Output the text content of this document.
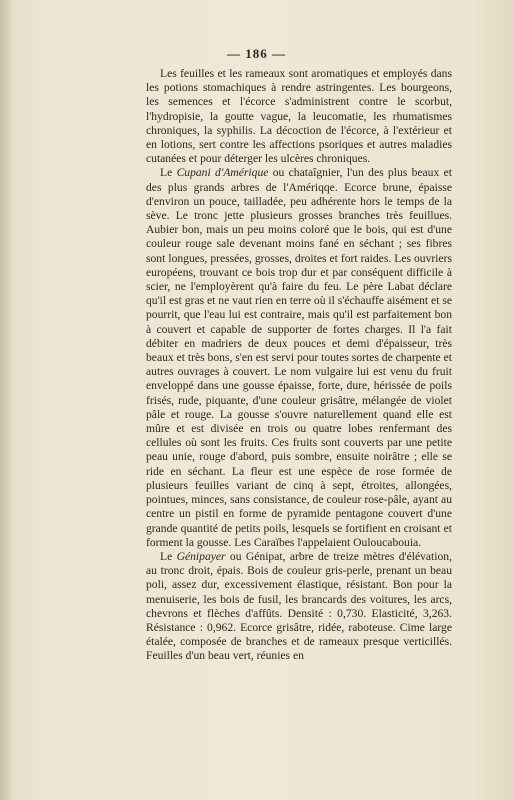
— 186 —

Les feuilles et les rameaux sont aromatiques et employés dans les potions stomachiques à rendre astringentes. Les bourgeons, les semences et l'écorce s'administrent contre le scorbut, l'hydropisie, la goutte vague, la leucomatie, les rhumatismes chroniques, la syphilis. La décoction de l'écorce, à l'extérieur et en lotions, sert contre les affections psoriques et autres maladies cutanées et pour déterger les ulcères chroniques.

Le Cupani d'Amérique ou chataîgnier, l'un des plus beaux et des plus grands arbres de l'Amériqqe. Ecorce brune, épaisse d'environ un pouce, tailladée, peu adhérente hors le temps de la sève. Le tronc jette plusieurs grosses branches très feuillues. Aubier bon, mais un peu moins coloré que le bois, qui est d'une couleur rouge sale devenant moins fané en séchant ; ses fibres sont longues, pressées, grosses, droites et fort raides. Les ouvriers européens, trouvant ce bois trop dur et par conséquent difficile à scier, ne l'employèrent qu'à faire du feu. Le père Labat déclare qu'il est gras et ne vaut rien en terre où il s'échauffe aisément et se pourrit, que l'eau lui est contraire, mais qu'il est parfaitement bon à couvert et capable de supporter de fortes charges. Il l'a fait débiter en madriers de deux pouces et demi d'épaisseur, très beaux et très bons, s'en est servi pour toutes sortes de charpente et autres ouvrages à couvert. Le nom vulgaire lui est venu du fruit enveloppé dans une gousse épaisse, forte, dure, hérissée de poils frisés, rude, piquante, d'une couleur grisâtre, mélangée de violet pâle et rouge. La gousse s'ouvre naturellement quand elle est mûre et est divisée en trois ou quatre lobes renfermant des cellules où sont les fruits. Ces fruits sont couverts par une petite peau unie, rouge d'abord, puis sombre, ensuite noirâtre ; elle se ride en séchant. La fleur est une espèce de rose formée de plusieurs feuilles variant de cinq à sept, étroites, allongées, pointues, minces, sans consistance, de couleur rose-pâle, ayant au centre un pistil en forme de pyramide pentagone couvert d'une grande quantité de petits poils, lesquels se fortifient en croisant et forment la gousse. Les Caraïbes l'appelaient Ouloucabouia.

Le Génipayer ou Génipat, arbre de treize mètres d'élévation, au tronc droit, épais. Bois de couleur gris-perle, prenant un beau poli, assez dur, excessivement élastique, résistant. Bon pour la menuiserie, les bois de fusil, les brancards des voitures, les arcs, chevrons et flèches d'affûts. Densité : 0,730. Elasticité, 3,263. Résistance : 0,962. Ecorce grisâtre, ridée, raboteuse. Cime large étalée, composée de branches et de rameaux presque verticillés. Feuilles d'un beau vert, réunies en
